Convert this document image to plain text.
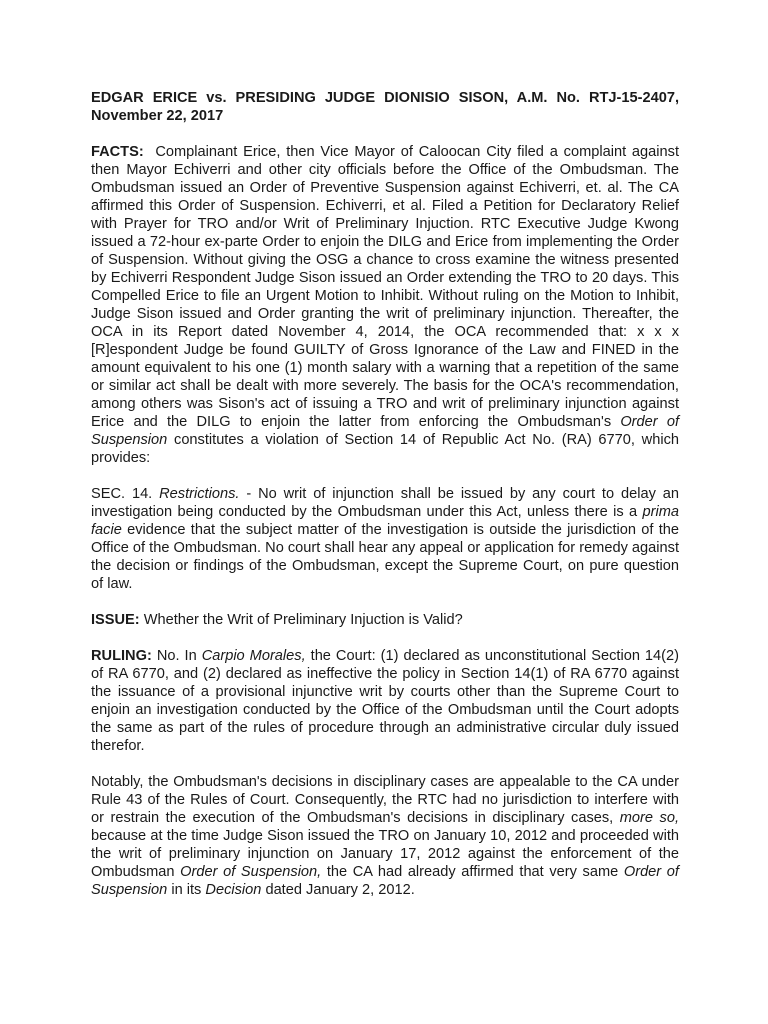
EDGAR ERICE vs. PRESIDING JUDGE DIONISIO SISON, A.M. No. RTJ-15-2407, November 22, 2017

FACTS: Complainant Erice, then Vice Mayor of Caloocan City filed a complaint against then Mayor Echiverri and other city officials before the Office of the Ombudsman. The Ombudsman issued an Order of Preventive Suspension against Echiverri, et. al. The CA affirmed this Order of Suspension. Echiverri, et al. Filed a Petition for Declaratory Relief with Prayer for TRO and/or Writ of Preliminary Injuction. RTC Executive Judge Kwong issued a 72-hour ex-parte Order to enjoin the DILG and Erice from implementing the Order of Suspension. Without giving the OSG a chance to cross examine the witness presented by Echiverri Respondent Judge Sison issued an Order extending the TRO to 20 days. This Compelled Erice to file an Urgent Motion to Inhibit. Without ruling on the Motion to Inhibit, Judge Sison issued and Order granting the writ of preliminary injunction. Thereafter, the OCA in its Report dated November 4, 2014, the OCA recommended that: x x x [R]espondent Judge be found GUILTY of Gross Ignorance of the Law and FINED in the amount equivalent to his one (1) month salary with a warning that a repetition of the same or similar act shall be dealt with more severely. The basis for the OCA's recommendation, among others was Sison's act of issuing a TRO and writ of preliminary injunction against Erice and the DILG to enjoin the latter from enforcing the Ombudsman's Order of Suspension constitutes a violation of Section 14 of Republic Act No. (RA) 6770, which provides:

SEC. 14. Restrictions. - No writ of injunction shall be issued by any court to delay an investigation being conducted by the Ombudsman under this Act, unless there is a prima facie evidence that the subject matter of the investigation is outside the jurisdiction of the Office of the Ombudsman. No court shall hear any appeal or application for remedy against the decision or findings of the Ombudsman, except the Supreme Court, on pure question of law.

ISSUE: Whether the Writ of Preliminary Injuction is Valid?

RULING: No. In Carpio Morales, the Court: (1) declared as unconstitutional Section 14(2) of RA 6770, and (2) declared as ineffective the policy in Section 14(1) of RA 6770 against the issuance of a provisional injunctive writ by courts other than the Supreme Court to enjoin an investigation conducted by the Office of the Ombudsman until the Court adopts the same as part of the rules of procedure through an administrative circular duly issued therefor.

Notably, the Ombudsman's decisions in disciplinary cases are appealable to the CA under Rule 43 of the Rules of Court. Consequently, the RTC had no jurisdiction to interfere with or restrain the execution of the Ombudsman's decisions in disciplinary cases, more so, because at the time Judge Sison issued the TRO on January 10, 2012 and proceeded with the writ of preliminary injunction on January 17, 2012 against the enforcement of the Ombudsman Order of Suspension, the CA had already affirmed that very same Order of Suspension in its Decision dated January 2, 2012.
